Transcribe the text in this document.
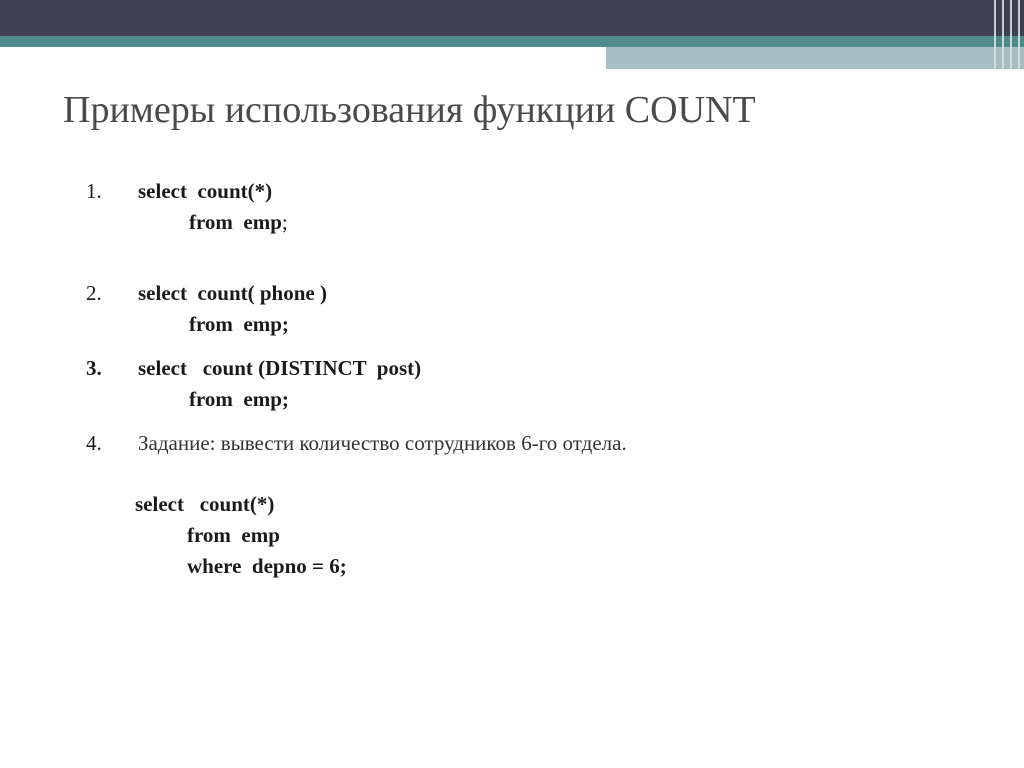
Примеры использования функции COUNT
1. select  count(*)
from  emp;
2. select  count( phone )
from  emp;
3. select   count (DISTINCT  post)
from  emp;
4. Задание: вывести количество сотрудников 6-го отдела.
select   count(*)
from  emp
where  depno = 6;
